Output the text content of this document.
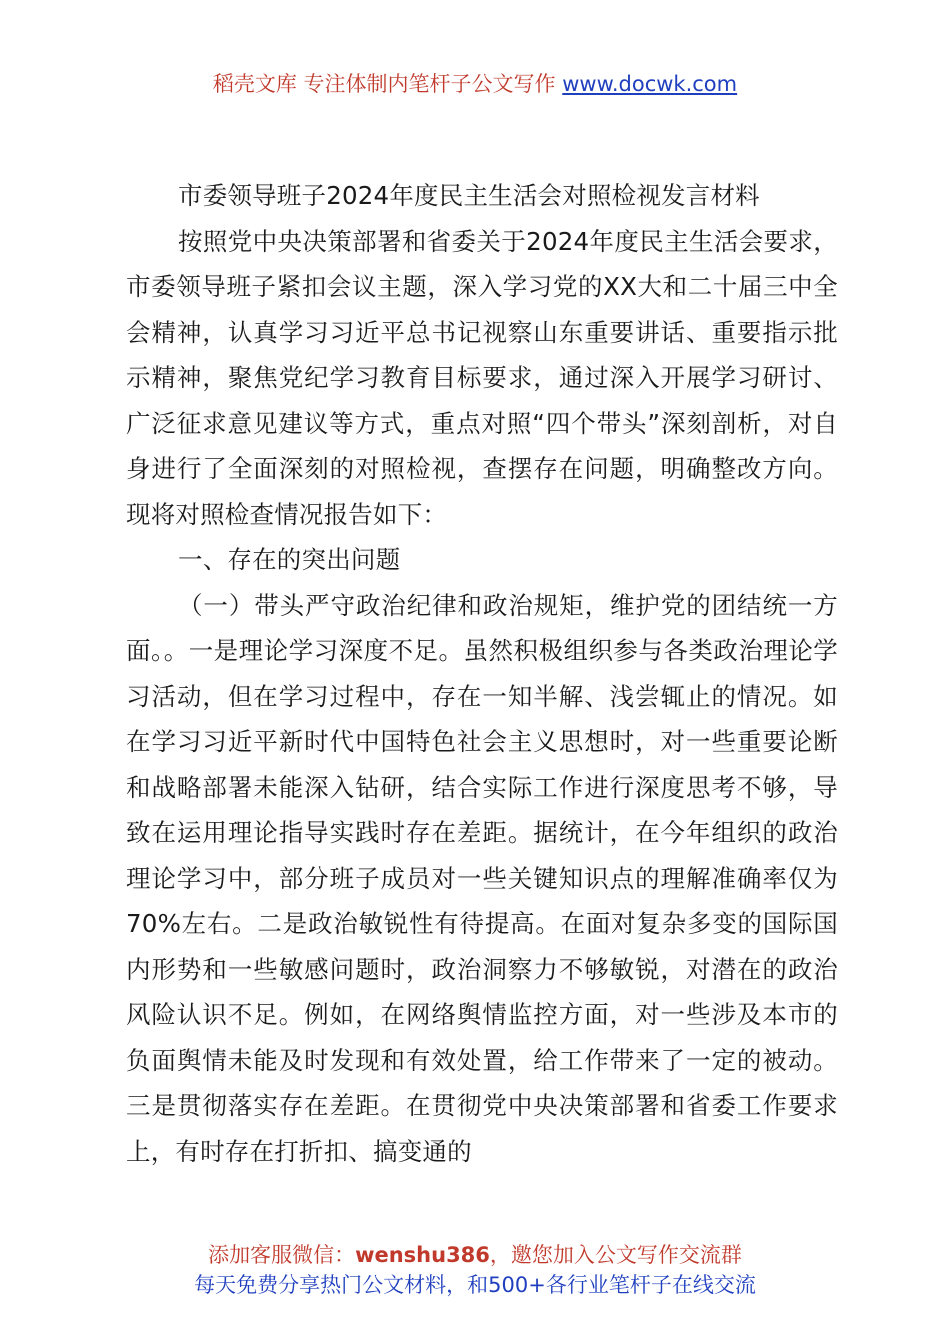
稻壳文库 专注体制内笔杆子公文写作 www.docwk.com

市委领导班子2024年度民主生活会对照检视发言材料

按照党中央决策部署和省委关于2024年度民主生活会要求，市委领导班子紧扣会议主题，深入学习党的XX大和二十届三中全会精神，认真学习习近平总书记视察山东重要讲话、重要指示批示精神，聚焦党纪学习教育目标要求，通过深入开展学习研讨、广泛征求意见建议等方式，重点对照“四个带头”深刻剖析，对自身进行了全面深刻的对照检视，查摆存在问题，明确整改方向。现将对照检查情况报告如下：

一、存在的突出问题

（一）带头严守政治纪律和政治规矩，维护党的团结统一方面。。一是理论学习深度不足。虽然积极组织参与各类政治理论学习活动，但在学习过程中，存在一知半解、浅尝辄止的情况。如在学习习近平新时代中国特色社会主义思想时，对一些重要论断和战略部署未能深入钻研，结合实际工作进行深度思考不够，导致在运用理论指导实践时存在差距。据统计，在今年组织的政治理论学习中，部分班子成员对一些关键知识点的理解准确率仅为70%左右。二是政治敏锐性有待提高。在面对复杂多变的国际国内形势和一些敏感问题时，政治洞察力不够敏锐，对潜在的政治风险认识不足。例如，在网络舆情监控方面，对一些涉及本市的负面舆情未能及时发现和有效处置，给工作带来了一定的被动。三是贯彻落实存在差距。在贯彻党中央决策部署和省委工作要求上，有时存在打折扣、搞变通的

添加客服微信：wenshu386，邀您加入公文写作交流群
每天免费分享热门公文材料，和500+各行业笔杆子在线交流
